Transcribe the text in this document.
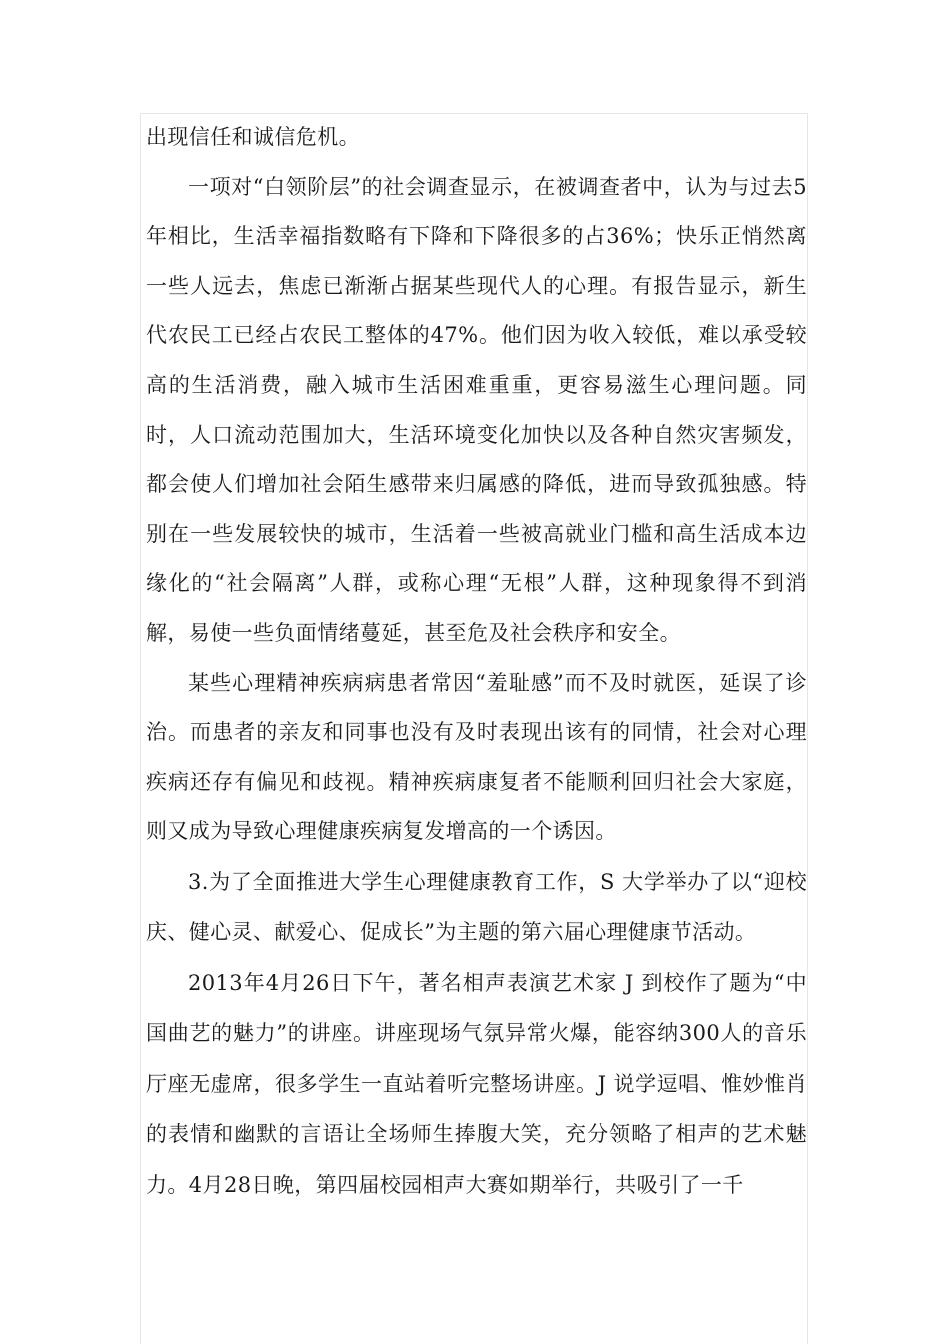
出现信任和诚信危机。

一项对“白领阶层”的社会调查显示，在被调查者中，认为与过去5年相比，生活幸福指数略有下降和下降很多的占36%；快乐正悄然离一些人远去，焦虑已渐渐占据某些现代人的心理。有报告显示，新生代农民工已经占农民工整体的47%。他们因为收入较低，难以承受较高的生活消费，融入城市生活困难重重，更容易滋生心理问题。同时，人口流动范围加大，生活环境变化加快以及各种自然灾害频发，都会使人们增加社会陌生感带来归属感的降低，进而导致孤独感。特别在一些发展较快的城市，生活着一些被高就业门槛和高生活成本边缘化的“社会隔离”人群，或称心理“无根”人群，这种现象得不到消解，易使一些负面情绪蔓延，甚至危及社会秩序和安全。

某些心理精神疾病病患者常因“羞耻感”而不及时就医，延误了诊治。而患者的亲友和同事也没有及时表现出该有的同情，社会对心理疾病还存有偏见和歧视。精神疾病康复者不能顺利回归社会大家庭，则又成为导致心理健康疾病复发增高的一个诱因。

3.为了全面推进大学生心理健康教育工作，S 大学举办了以“迎校庆、健心灵、献爱心、促成长”为主题的第六届心理健康节活动。

2013年4月26日下午，著名相声表演艺术家 J 到校作了题为“中国曲艺的魅力”的讲座。讲座现场气氛异常火爆，能容纳300人的音乐厅座无虚席，很多学生一直站着听完整场讲座。J 说学逗唱、惟妙惟肖的表情和幽默的言语让全场师生捧腹大笑，充分领略了相声的艺术魅力。4月28日晚，第四届校园相声大赛如期举行，共吸引了一千
